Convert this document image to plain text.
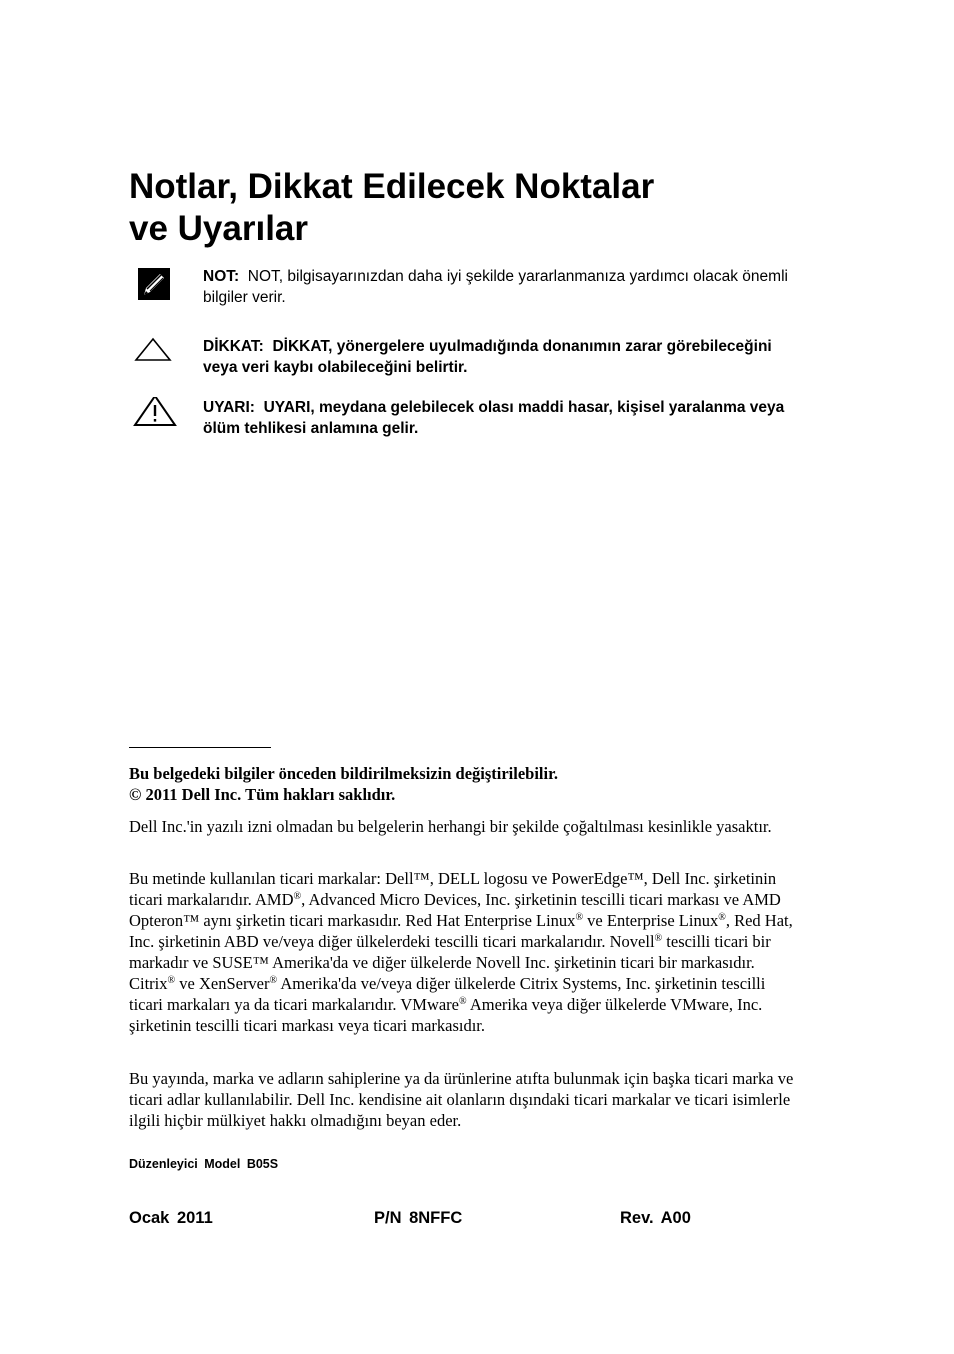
Notlar, Dikkat Edilecek Noktalar
ve Uyarılar
NOT: NOT, bilgisayarınızdan daha iyi şekilde yararlanmanıza yardımcı olacak önemli bilgiler verir.
DİKKAT: DİKKAT, yönergelere uyulmadığında donanımın zarar görebileceğini veya veri kaybı olabileceğini belirtir.
UYARI: UYARI, meydana gelebilecek olası maddi hasar, kişisel yaralanma veya ölüm tehlikesi anlamına gelir.
Bu belgedeki bilgiler önceden bildirilmeksizin değiştirilebilir.
© 2011 Dell Inc. Tüm hakları saklıdır.

Dell Inc.'in yazılı izni olmadan bu belgelerin herhangi bir şekilde çoğaltılması kesinlikle yasaktır.

Bu metinde kullanılan ticari markalar: Dell™, DELL logosu ve PowerEdge™, Dell Inc. şirketinin ticari markalarıdır. AMD®, Advanced Micro Devices, Inc. şirketinin tescilli ticari markası ve AMD Opteron™ aynı şirketin ticari markasıdır. Red Hat Enterprise Linux® ve Enterprise Linux®, Red Hat, Inc. şirketinin ABD ve/veya diğer ülkelerdeki tescilli ticari markalarıdır. Novell® tescilli ticari bir markadır ve SUSE™ Amerika'da ve diğer ülkelerde Novell Inc. şirketinin ticari bir markasıdır. Citrix® ve XenServer® Amerika'da ve/veya diğer ülkelerde Citrix Systems, Inc. şirketinin tescilli ticari markaları ya da ticari markalarıdır. VMware® Amerika veya diğer ülkelerde VMware, Inc. şirketinin tescilli ticari markası veya ticari markasıdır.

Bu yayında, marka ve adların sahiplerine ya da ürünlerine atıfta bulunmak için başka ticari marka ve ticari adlar kullanılabilir. Dell Inc. kendisine ait olanların dışındaki ticari markalar ve ticari isimlerle ilgili hiçbir mülkiyet hakkı olmadığını beyan eder.

Düzenleyici Model B05S
Ocak 2011	P/N 8NFFC	Rev. A00
